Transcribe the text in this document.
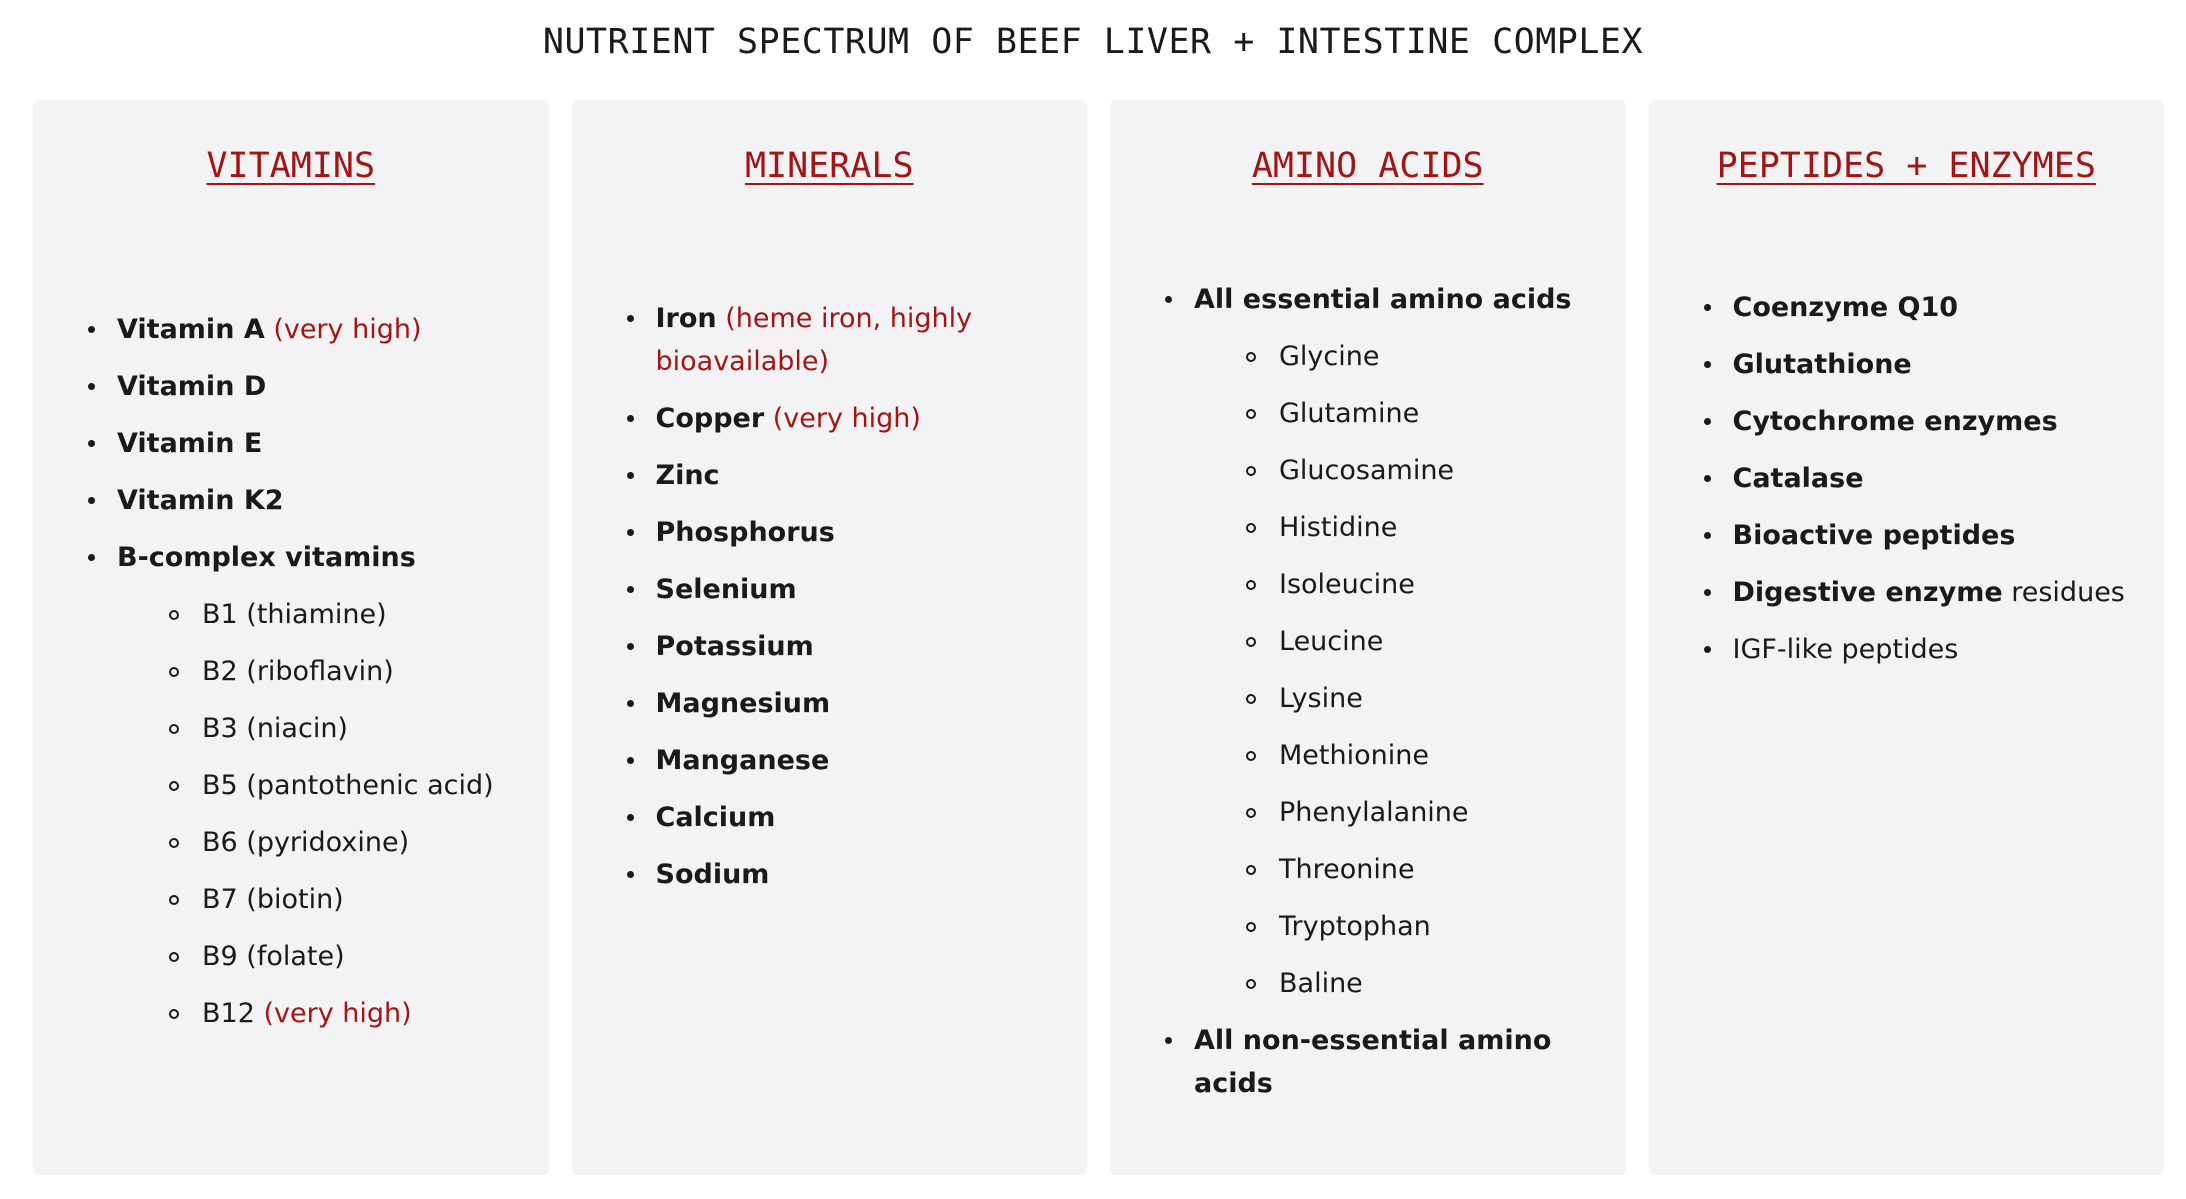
NUTRIENT SPECTRUM OF BEEF LIVER + INTESTINE COMPLEX
VITAMINS
Vitamin A (very high)
Vitamin D
Vitamin E
Vitamin K2
B-complex vitamins
B1 (thiamine)
B2 (riboflavin)
B3 (niacin)
B5 (pantothenic acid)
B6 (pyridoxine)
B7 (biotin)
B9 (folate)
B12 (very high)
MINERALS
Iron (heme iron, highly bioavailable)
Copper (very high)
Zinc
Phosphorus
Selenium
Potassium
Magnesium
Manganese
Calcium
Sodium
AMINO ACIDS
All essential amino acids
Glycine
Glutamine
Glucosamine
Histidine
Isoleucine
Leucine
Lysine
Methionine
Phenylalanine
Threonine
Tryptophan
Baline
All non-essential amino acids
PEPTIDES + ENZYMES
Coenzyme Q10
Glutathione
Cytochrome enzymes
Catalase
Bioactive peptides
Digestive enzyme residues
IGF-like peptides
